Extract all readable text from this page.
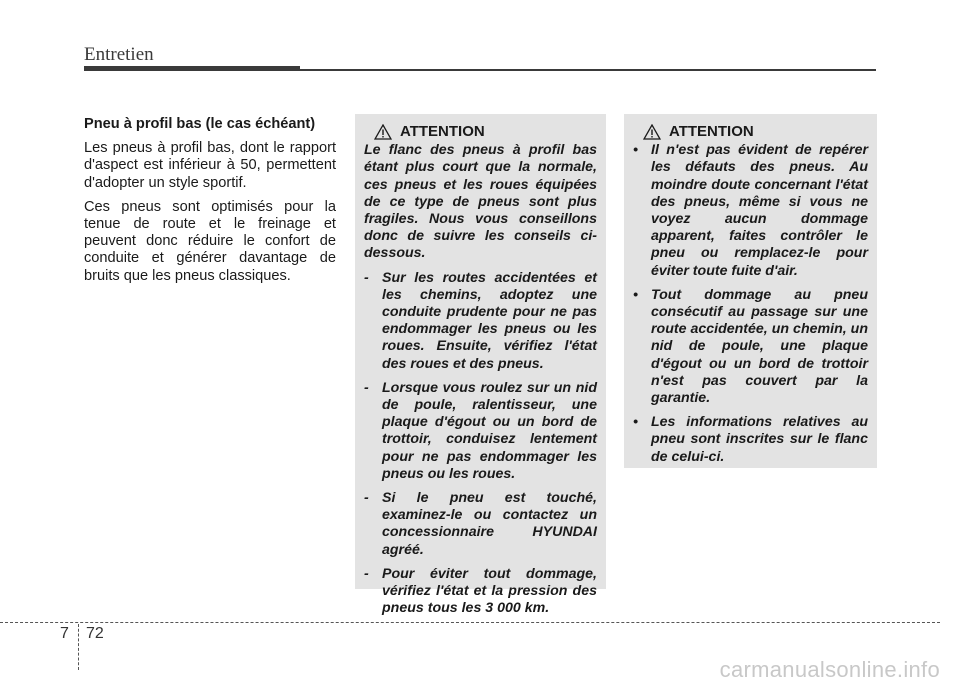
Entretien
Pneu à profil bas (le cas échéant)

Les pneus à profil bas, dont le rapport d'aspect est inférieur à 50, permettent d'adopter un style sportif.

Ces pneus sont optimisés pour la tenue de route et le freinage et peuvent donc réduire le confort de conduite et générer davantage de bruits que les pneus classiques.

ATTENTION

Le flanc des pneus à profil bas étant plus court que la normale, ces pneus et les roues équipées de ce type de pneus sont plus fragiles. Nous vous conseillons donc de suivre les conseils ci-dessous.

- Sur les routes accidentées et les chemins, adoptez une conduite prudente pour ne pas endommager les pneus ou les roues. Ensuite, vérifiez l'état des roues et des pneus.
- Lorsque vous roulez sur un nid de poule, ralentisseur, une plaque d'égout ou un bord de trottoir, conduisez lentement pour ne pas endommager les pneus ou les roues.
- Si le pneu est touché, examinez-le ou contactez un concessionnaire HYUNDAI agréé.
- Pour éviter tout dommage, vérifiez l'état et la pression des pneus tous les 3 000 km.
ATTENTION
• Il n'est pas évident de repérer les défauts des pneus. Au moindre doute concernant l'état des pneus, même si vous ne voyez aucun dommage apparent, faites contrôler le pneu ou remplacez-le pour éviter toute fuite d'air.
• Tout dommage au pneu consécutif au passage sur une route accidentée, un chemin, un nid de poule, une plaque d'égout ou un bord de trottoir n'est pas couvert par la garantie.
• Les informations relatives au pneu sont inscrites sur le flanc de celui-ci.
7 72
carmanualsonline.info
